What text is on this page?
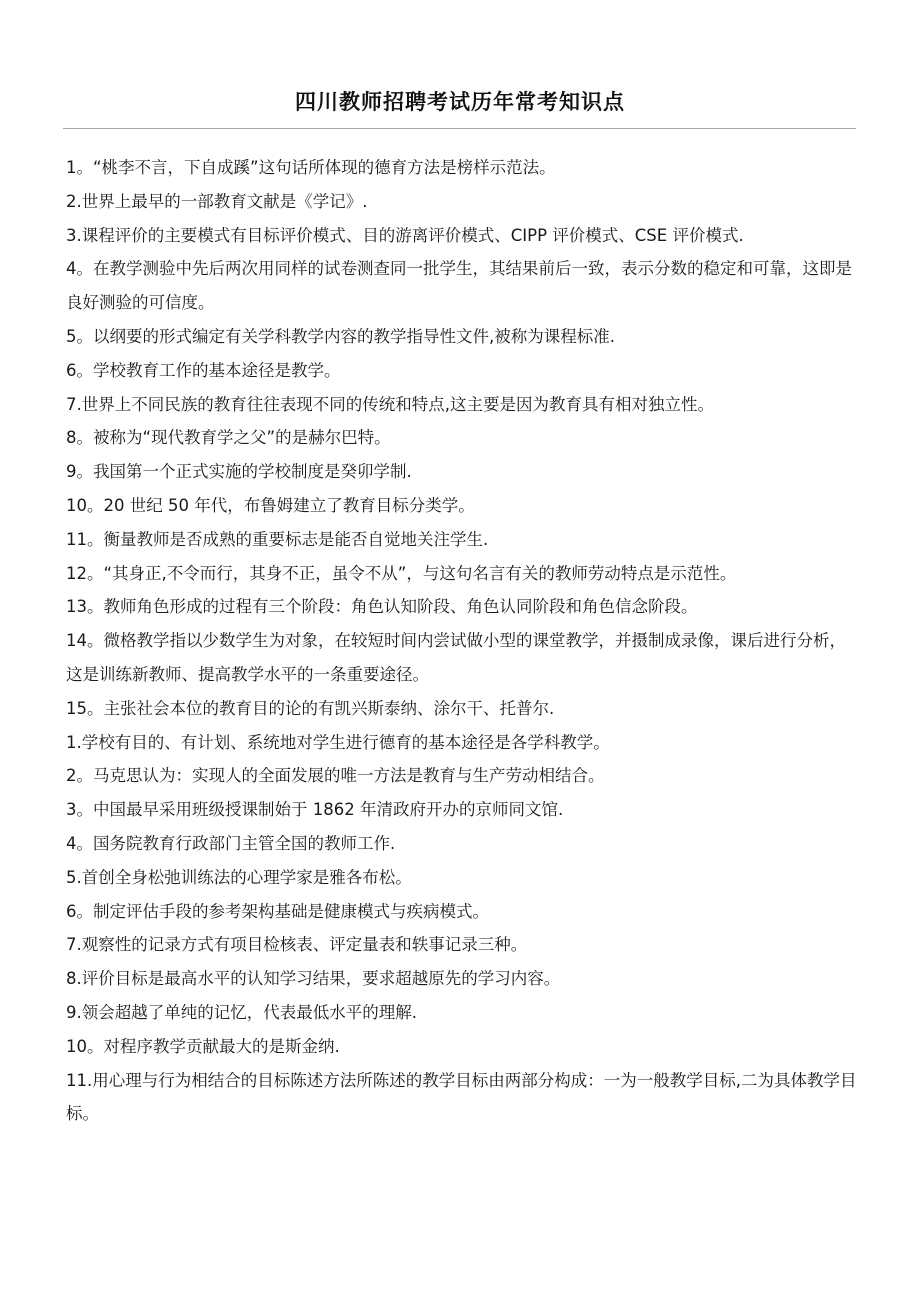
四川教师招聘考试历年常考知识点
1。“桃李不言，下自成蹊”这句话所体现的德育方法是榜样示范法。
2.世界上最早的一部教育文献是《学记》.
3.课程评价的主要模式有目标评价模式、目的游离评价模式、CIPP 评价模式、CSE 评价模式.
4。在教学测验中先后两次用同样的试卷测查同一批学生，其结果前后一致，表示分数的稳定和可靠，这即是良好测验的可信度。
5。以纲要的形式编定有关学科教学内容的教学指导性文件,被称为课程标准.
6。学校教育工作的基本途径是教学。
7.世界上不同民族的教育往往表现不同的传统和特点,这主要是因为教育具有相对独立性。
8。被称为“现代教育学之父”的是赫尔巴特。
9。我国第一个正式实施的学校制度是癸卯学制.
10。20 世纪 50 年代，布鲁姆建立了教育目标分类学。
11。衡量教师是否成熟的重要标志是能否自觉地关注学生.
12。“其身正,不令而行，其身不正，虽令不从”，与这句名言有关的教师劳动特点是示范性。
13。教师角色形成的过程有三个阶段：角色认知阶段、角色认同阶段和角色信念阶段。
14。微格教学指以少数学生为对象，在较短时间内尝试做小型的课堂教学，并摄制成录像，课后进行分析，这是训练新教师、提高教学水平的一条重要途径。
15。主张社会本位的教育目的论的有凯兴斯泰纳、涂尔干、托普尔.
1.学校有目的、有计划、系统地对学生进行德育的基本途径是各学科教学。
2。马克思认为：实现人的全面发展的唯一方法是教育与生产劳动相结合。
3。中国最早采用班级授课制始于 1862 年清政府开办的京师同文馆.
4。国务院教育行政部门主管全国的教师工作.
5.首创全身松弛训练法的心理学家是雅各布松。
6。制定评估手段的参考架构基础是健康模式与疾病模式。
7.观察性的记录方式有项目检核表、评定量表和轶事记录三种。
8.评价目标是最高水平的认知学习结果，要求超越原先的学习内容。
9.领会超越了单纯的记忆，代表最低水平的理解.
10。对程序教学贡献最大的是斯金纳.
11.用心理与行为相结合的目标陈述方法所陈述的教学目标由两部分构成：一为一般教学目标,二为具体教学目标。
